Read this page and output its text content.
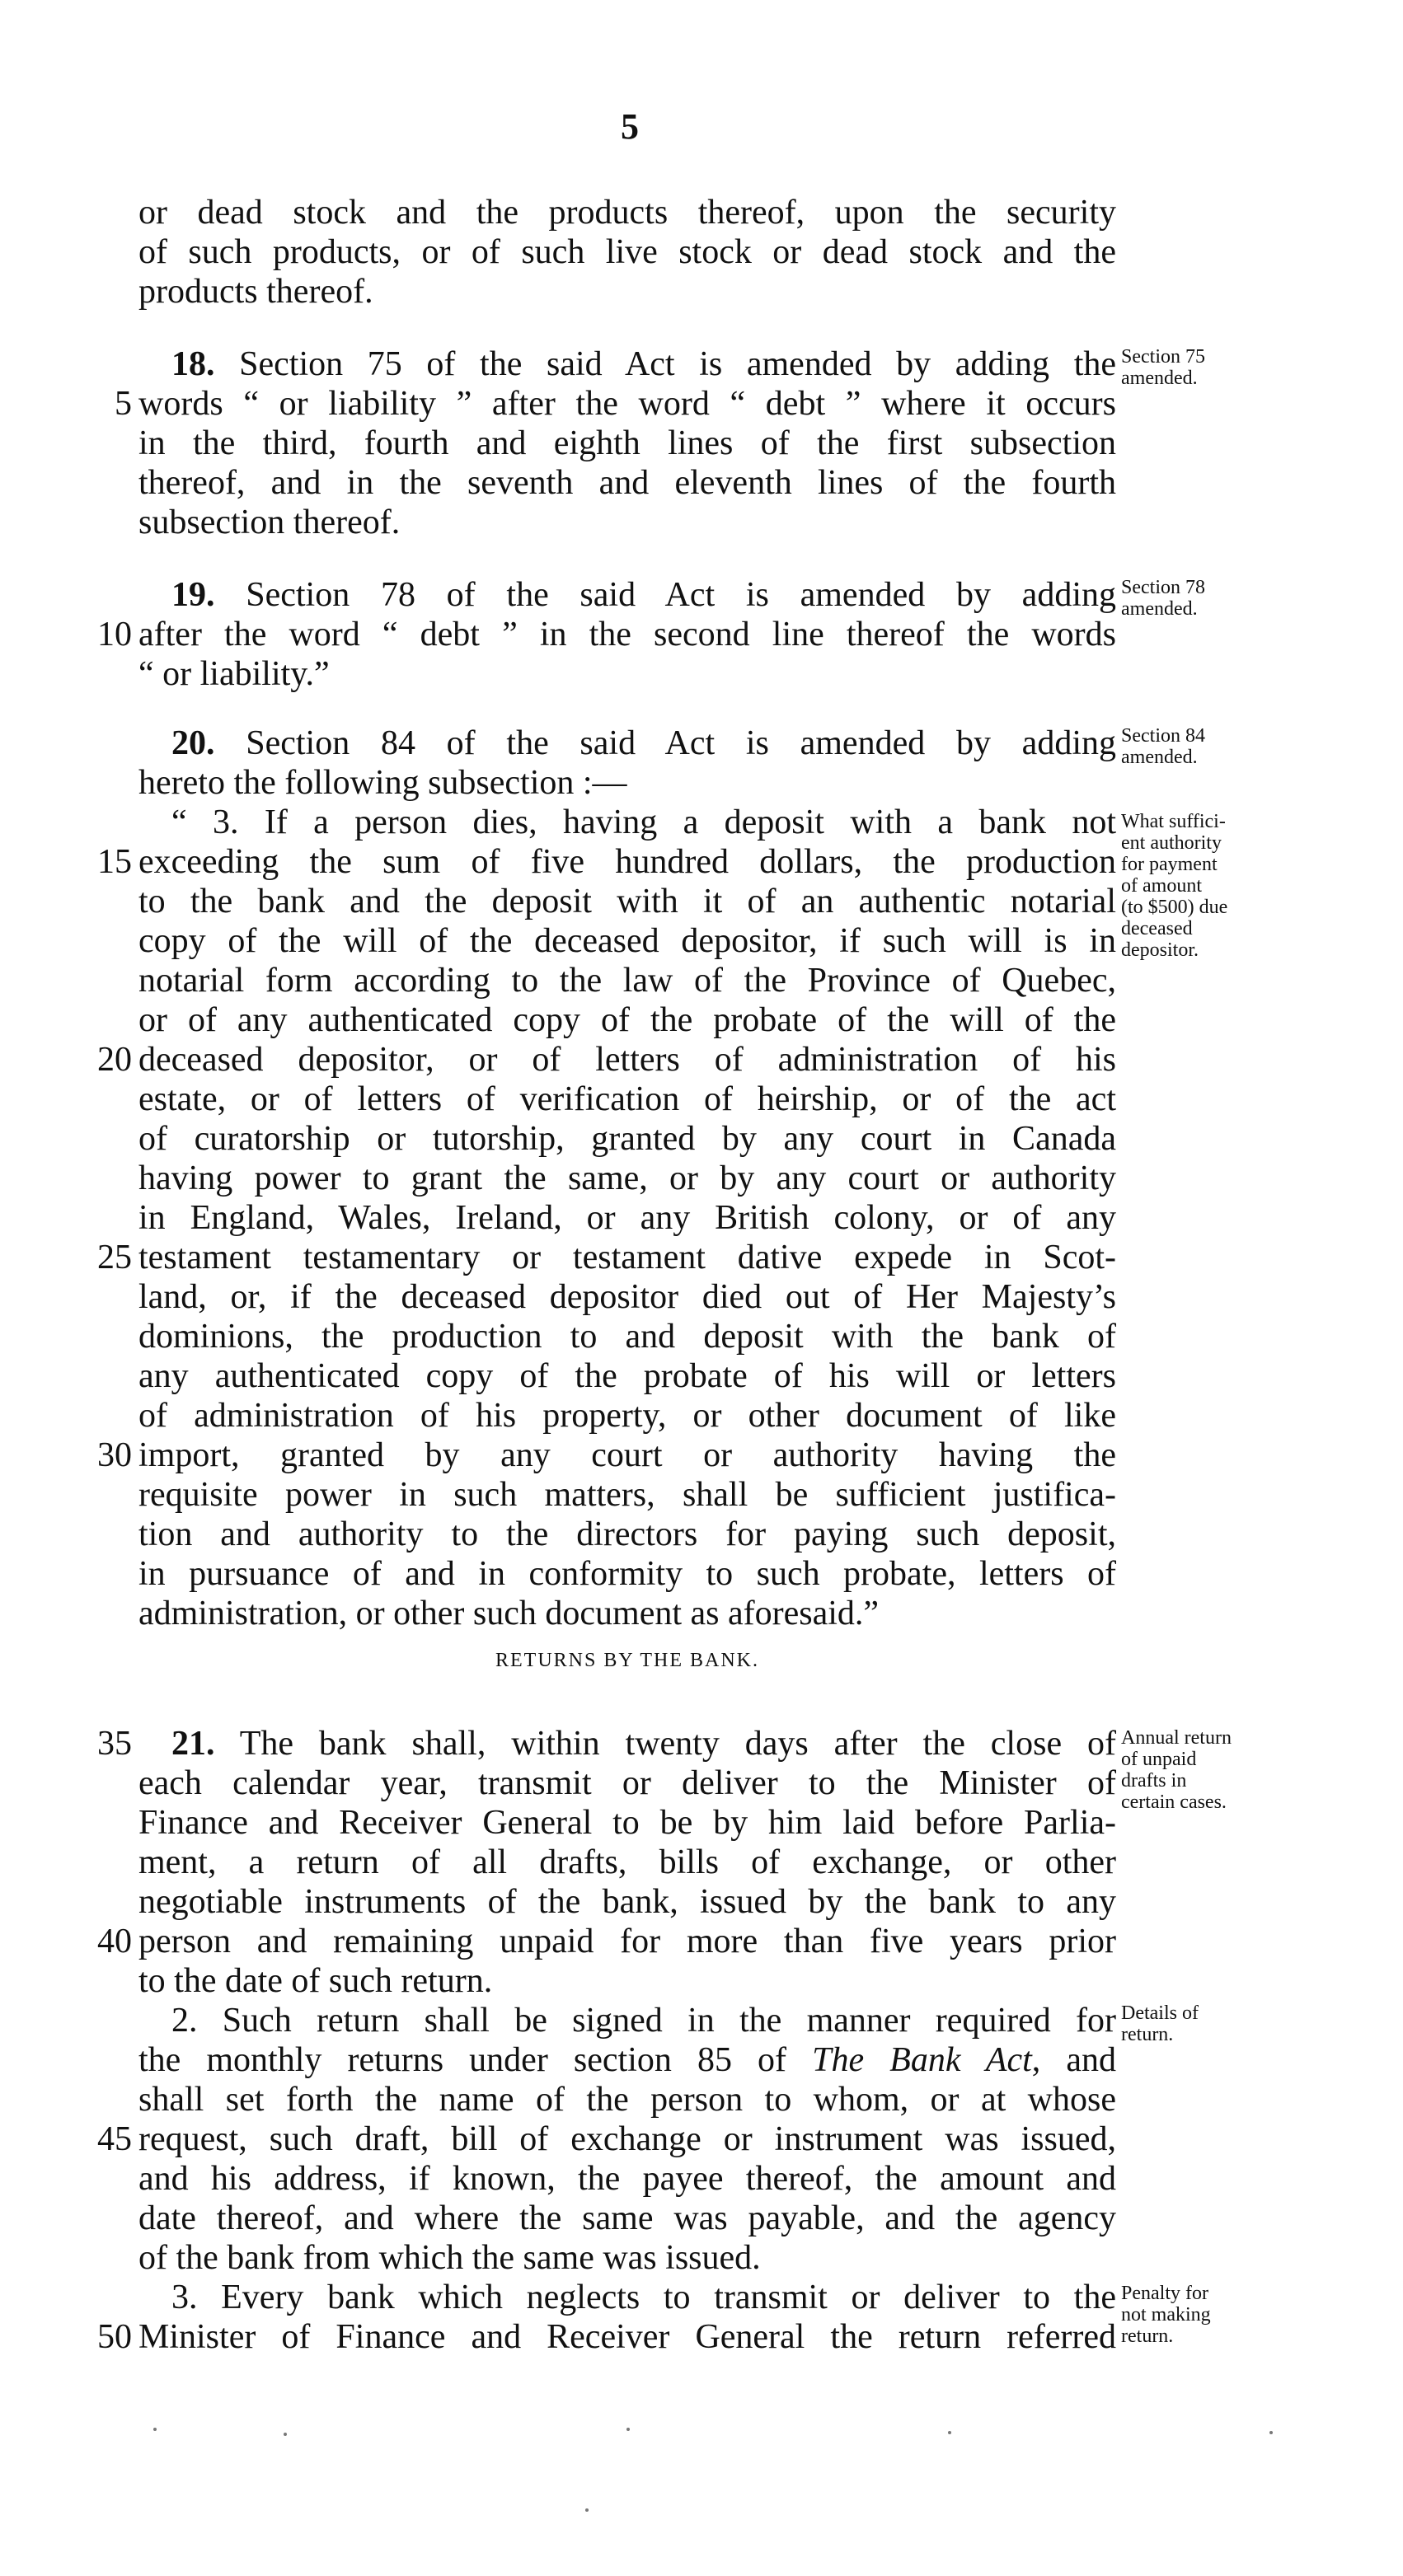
5
or dead stock and the products thereof, upon the security
of such products, or of such live stock or dead stock and the
products thereof.
18. Section 75 of the said Act is amended by adding the
5 words “ or liability ” after the word “ debt ” where it occurs
in the third, fourth and eighth lines of the first subsection
thereof, and in the seventh and eleventh lines of the fourth
subsection thereof.
19. Section 78 of the said Act is amended by adding
10 after the word “ debt ” in the second line thereof the words
“ or liability.”
20. Section 84 of the said Act is amended by adding
hereto the following subsection :—
“ 3. If a person dies, having a deposit with a bank not
15 exceeding the sum of five hundred dollars, the production
to the bank and the deposit with it of an authentic notarial
copy of the will of the deceased depositor, if such will is in
notarial form according to the law of the Province of Quebec,
or of any authenticated copy of the probate of the will of the
20 deceased depositor, or of letters of administration of his
estate, or of letters of verification of heirship, or of the act
of curatorship or tutorship, granted by any court in Canada
having power to grant the same, or by any court or authority
in England, Wales, Ireland, or any British colony, or of any
25 testament testamentary or testament dative expede in Scot-
land, or, if the deceased depositor died out of Her Majesty’s
dominions, the production to and deposit with the bank of
any authenticated copy of the probate of his will or letters
of administration of his property, or other document of like
30 import, granted by any court or authority having the
requisite power in such matters, shall be sufficient justifica-
tion and authority to the directors for paying such deposit,
in pursuance of and in conformity to such probate, letters of
administration, or other such document as aforesaid.”
35 21. The bank shall, within twenty days after the close of
each calendar year, transmit or deliver to the Minister of
Finance and Receiver General to be by him laid before Parlia-
ment, a return of all drafts, bills of exchange, or other
negotiable instruments of the bank, issued by the bank to any
40 person and remaining unpaid for more than five years prior
to the date of such return.
2. Such return shall be signed in the manner required for
the monthly returns under section 85 of The Bank Act, and
shall set forth the name of the person to whom, or at whose
45 request, such draft, bill of exchange or instrument was issued,
and his address, if known, the payee thereof, the amount and
date thereof, and where the same was payable, and the agency
of the bank from which the same was issued.
3. Every bank which neglects to transmit or deliver to the
50 Minister of Finance and Receiver General the return referred
RETURNS BY THE BANK.
Section 75
amended.
Section 78
amended.
Section 84
amended.
What suffici-
ent authority
for payment
of amount
(to $500) due
deceased
depositor.
Annual return
of unpaid
drafts in
certain cases.
Details of
return.
Penalty for
not making
return.
